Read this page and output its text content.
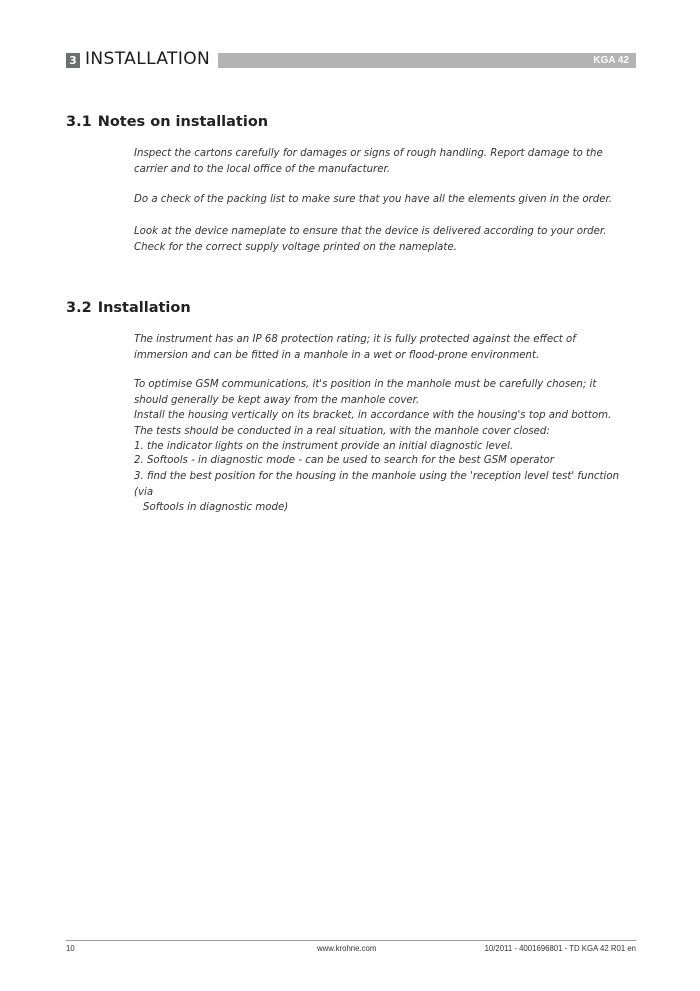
3 INSTALLATION	KGA 42
3.1 Notes on installation

Inspect the cartons carefully for damages or signs of rough handling. Report damage to the

carrier and to the local office of the manufacturer.

Do a check of the packing list to make sure that you have all the elements given in the order.

Look at the device nameplate to ensure that the device is delivered according to your order.

Check for the correct supply voltage printed on the nameplate.

3.2 Installation

The instrument has an IP 68 protection rating; it is fully protected against the effect of

immersion and can be fitted in a manhole in a wet or flood-prone environment.

To optimise GSM communications, it's position in the manhole must be carefully chosen; it

should generally be kept away from the manhole cover.

Install the housing vertically on its bracket, in accordance with the housing's top and bottom.

The tests should be conducted in a real situation, with the manhole cover closed:

1. the indicator lights on the instrument provide an initial diagnostic level.

2. Softools - in diagnostic mode - can be used to search for the best GSM operator

3. find the best position for the housing in the manhole using the 'reception level test' function (via

Softools in diagnostic mode)

10	www.krohne.com	10/2011 - 4001696801 - TD KGA 42 R01 en
